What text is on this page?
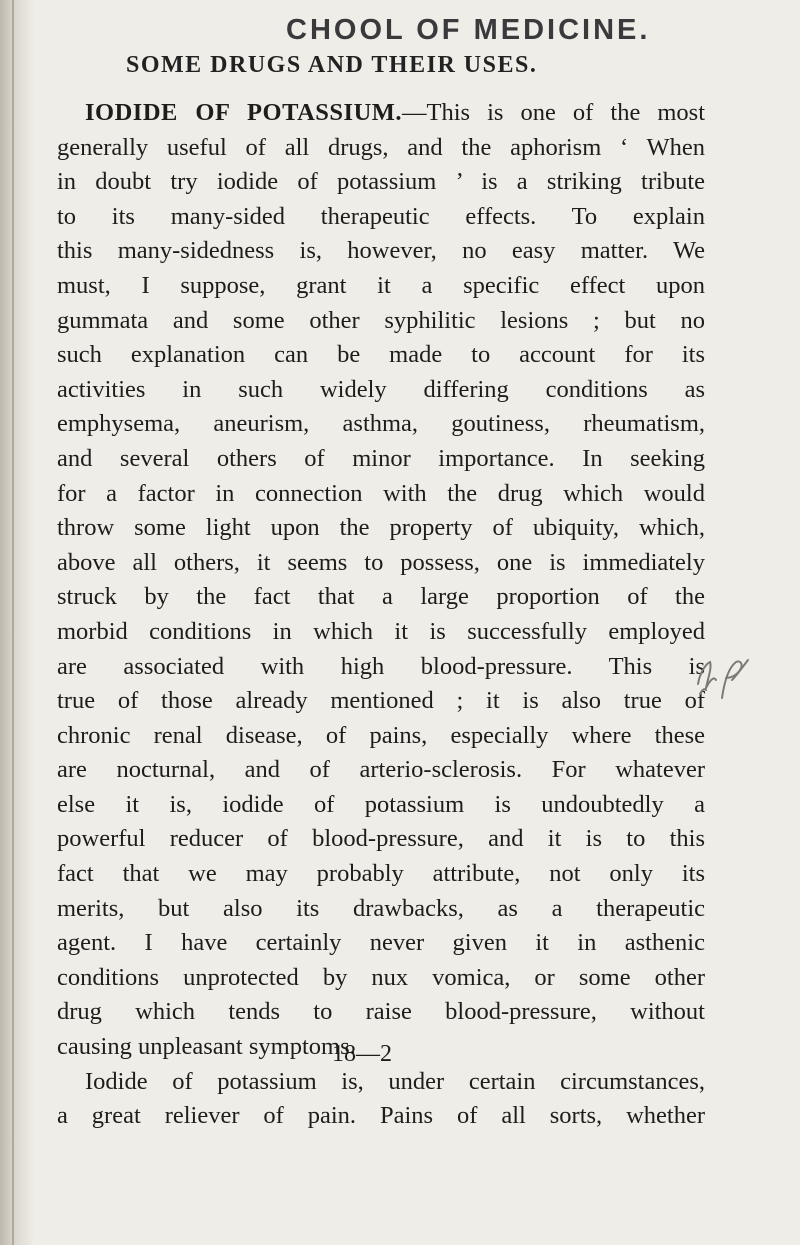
CHOOL OF MEDICINE.

SOME DRUGS AND THEIR USES.

IODIDE OF POTASSIUM.—This is one of the most
generally useful of all drugs, and the aphorism ‘ When
in doubt try iodide of potassium ’ is a striking tribute
to its many-sided therapeutic effects. To explain
this many-sidedness is, however, no easy matter. We
must, I suppose, grant it a specific effect upon
gummata and some other syphilitic lesions ; but no
such explanation can be made to account for its
activities in such widely differing conditions as
emphysema, aneurism, asthma, goutiness, rheumatism,
and several others of minor importance. In seeking
for a factor in connection with the drug which would
throw some light upon the property of ubiquity, which,
above all others, it seems to possess, one is immediately
struck by the fact that a large proportion of the
morbid conditions in which it is successfully employed
are associated with high blood-pressure. This is
true of those already mentioned ; it is also true of
chronic renal disease, of pains, especially where these
are nocturnal, and of arterio-sclerosis. For whatever
else it is, iodide of potassium is undoubtedly a
powerful reducer of blood-pressure, and it is to this
fact that we may probably attribute, not only its
merits, but also its drawbacks, as a therapeutic
agent. I have certainly never given it in asthenic
conditions unprotected by nux vomica, or some other
drug which tends to raise blood-pressure, without
causing unpleasant symptoms.

Iodide of potassium is, under certain circumstances,
a great reliever of pain. Pains of all sorts, whether

18—2
